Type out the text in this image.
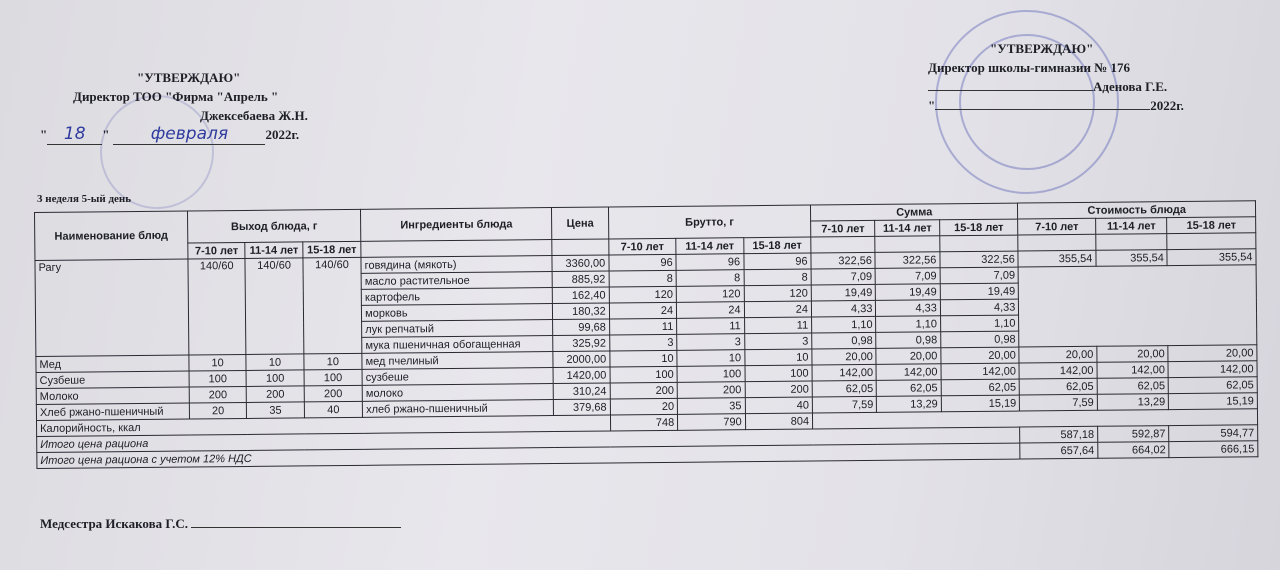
"УТВЕРЖДАЮ"
Директор ТОО "Фирма "Апрель "
Джексебаева Ж.Н.
" 18 " февраля	2022г.
"УТВЕРЖДАЮ"
Директор школы-гимназии № 176
Аденова Г.Е.
"	2022г.
3 неделя 5-ый день
Наименование блюд	Выход блюда, г			Ингредиенты блюда	Цена	Брутто, г			Сумма			Стоимость блюда		
									7-10 лет	11-14 лет	15-18 лет	7-10 лет	11-14 лет	15-18 лет
	7-10 лет	11-14 лет	15-18 лет			7-10 лет	11-14 лет	15-18 лет						
Рагу	140/60	140/60	140/60	говядина (мякоть)	3360,00	96	96	96	322,56	322,56	322,56	355,54	355,54	355,54
				масло растительное	885,92	8	8	8	7,09	7,09	7,09			
				картофель	162,40	120	120	120	19,49	19,49	19,49			
				морковь	180,32	24	24	24	4,33	4,33	4,33			
				лук репчатый	99,68	11	11	11	1,10	1,10	1,10			
				мука пшеничная обогащенная	325,92	3	3	3	0,98	0,98	0,98			
Мед	10	10	10	мед пчелиный	2000,00	10	10	10	20,00	20,00	20,00	20,00	20,00	20,00
Сузбеше	100	100	100	сузбеше	1420,00	100	100	100	142,00	142,00	142,00	142,00	142,00	142,00
Молоко	200	200	200	молоко	310,24	200	200	200	62,05	62,05	62,05	62,05	62,05	62,05
Хлеб ржано-пшеничный	20	35	40	хлеб ржано-пшеничный	379,68	20	35	40	7,59	13,29	15,19	7,59	13,29	15,19
Калорийность, ккал						748	790	804						
Итого цена рациона												587,18	592,87	594,77
Итого цена рациона с учетом 12% НДС												657,64	664,02	666,15
Медсестра Искакова Г.С.
